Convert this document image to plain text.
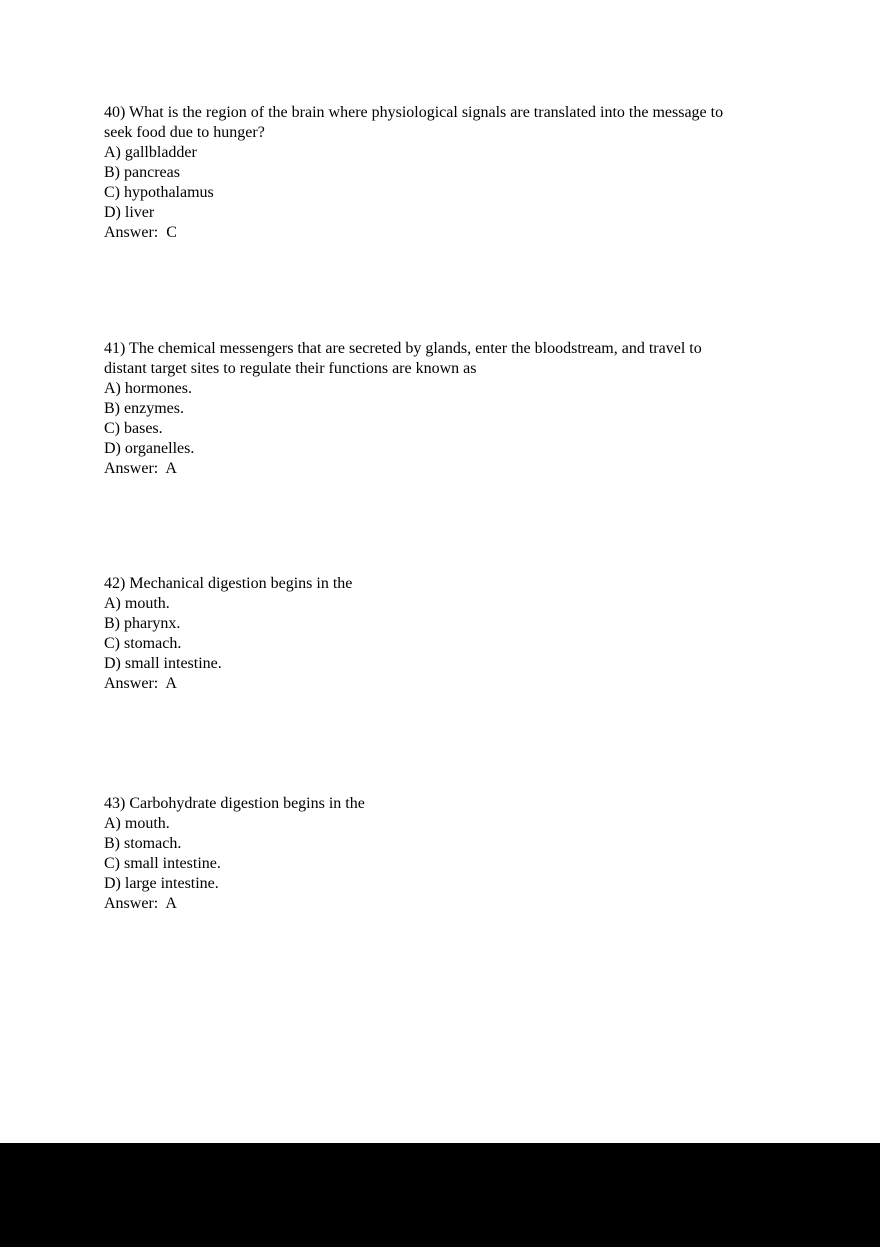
40) What is the region of the brain where physiological signals are translated into the message to
seek food due to hunger?
A) gallbladder
B) pancreas
C) hypothalamus
D) liver
Answer:  C
41) The chemical messengers that are secreted by glands, enter the bloodstream, and travel to
distant target sites to regulate their functions are known as
A) hormones.
B) enzymes.
C) bases.
D) organelles.
Answer:  A
42) Mechanical digestion begins in the
A) mouth.
B) pharynx.
C) stomach.
D) small intestine.
Answer:  A
43) Carbohydrate digestion begins in the
A) mouth.
B) stomach.
C) small intestine.
D) large intestine.
Answer:  A
